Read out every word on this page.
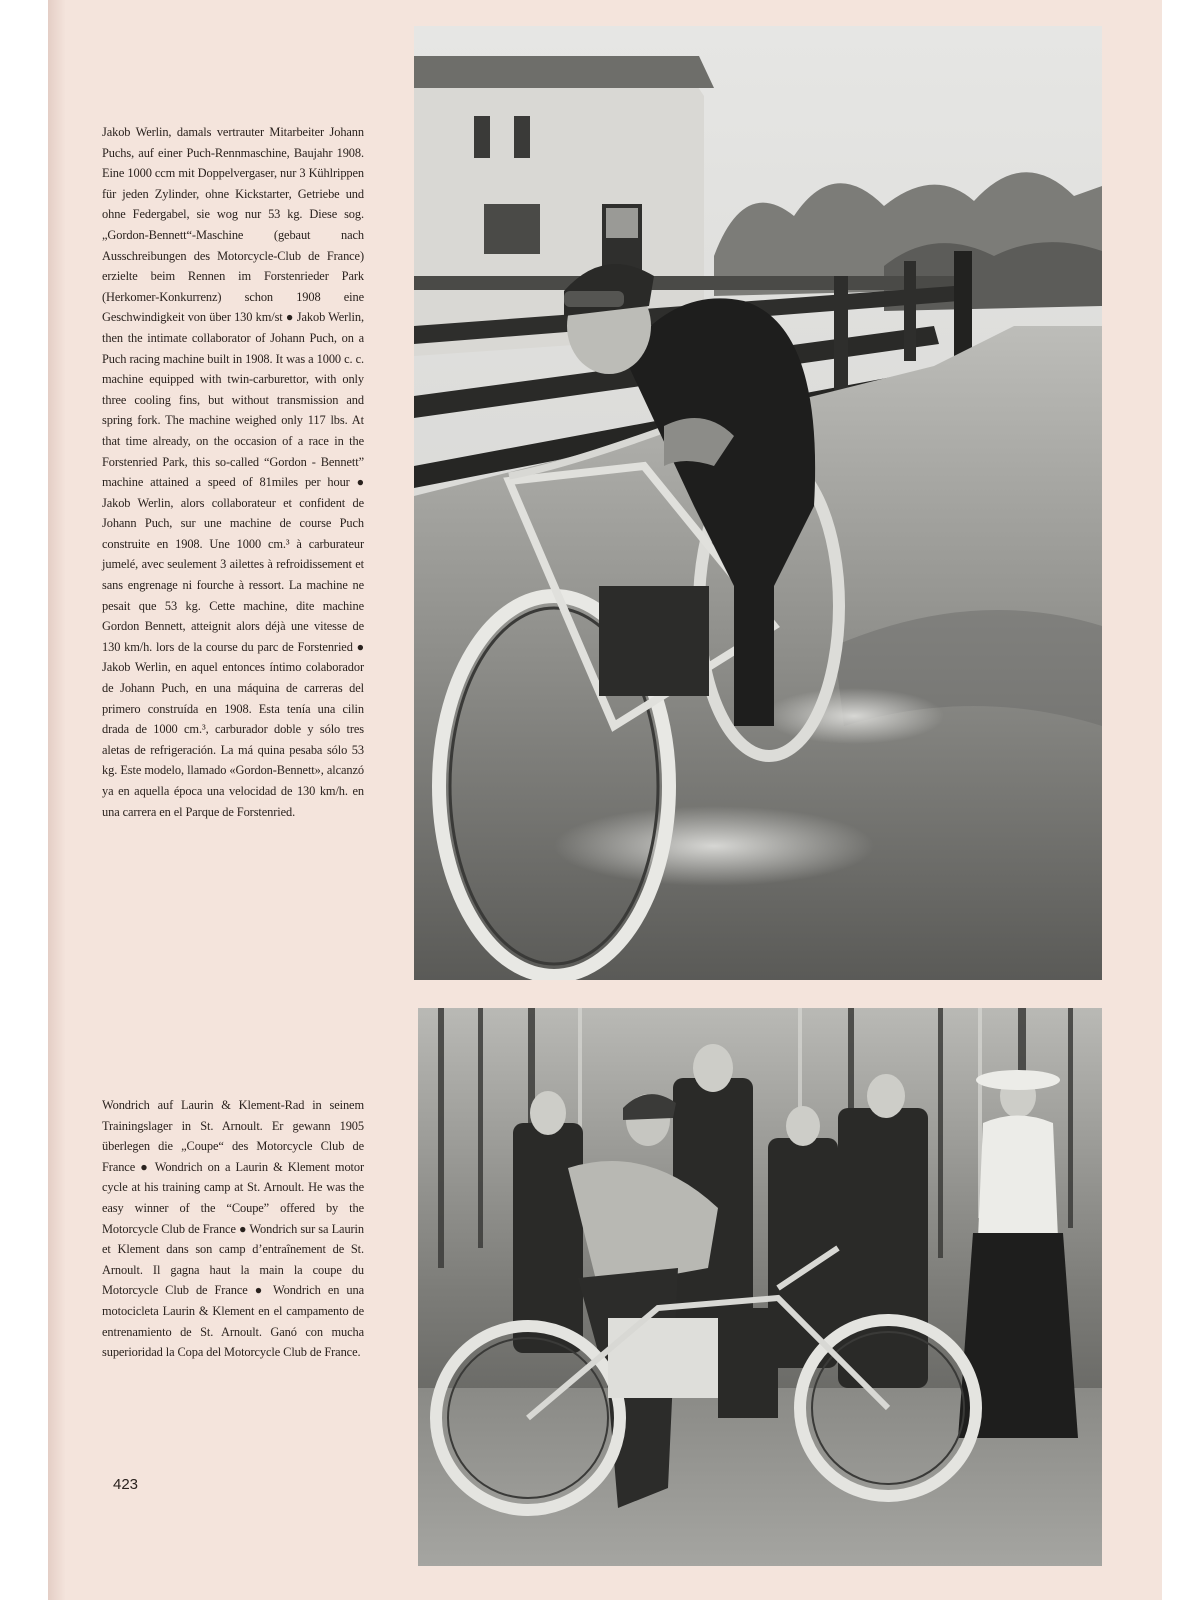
Jakob Werlin, damals vertrauter Mitarbeiter Johann Puchs, auf einer Puch-Rennmaschine, Baujahr 1908. Eine 1000 ccm mit Doppelvergaser, nur 3 Kühlrippen für jeden Zylinder, ohne Kickstarter, Getriebe und ohne Federgabel, sie wog nur 53 kg. Diese sog. „Gordon-Bennett“-Maschine (gebaut nach Ausschreibungen des Motorcycle-Club de France) erzielte beim Rennen im Forstenrieder Park (Herkomer-Konkurrenz) schon 1908 eine Geschwindigkeit von über 130 km/st ● Jakob Werlin, then the intimate collaborator of Johann Puch, on a Puch racing machine built in 1908. It was a 1000 c. c. machine equipped with twin-carburettor, with only three cooling fins, but without transmission and spring fork. The machine weighed only 117 lbs. At that time already, on the occasion of a race in the Forstenried Park, this so-called “Gordon - Bennett” machine attained a speed of 81miles per hour ● Jakob Werlin, alors collaborateur et confident de Johann Puch, sur une machine de course Puch construite en 1908. Une 1000 cm.³ à carburateur jumelé, avec seulement 3 ailettes à refroidissement et sans engrenage ni fourche à ressort. La machine ne pesait que 53 kg. Cette machine, dite machine Gordon Bennett, atteignit alors déjà une vitesse de 130 km/h. lors de la course du parc de Forstenried ● Jakob Werlin, en aquel entonces íntimo colaborador de Johann Puch, en una máquina de carreras del primero construída en 1908. Esta tenía una cilin drada de 1000 cm.³, carburador doble y sólo tres aletas de refrigeración. La má quina pesaba sólo 53 kg. Este modelo, llamado «Gordon-Bennett», alcanzó ya en aquella época una velocidad de 130 km/h. en una carrera en el Parque de Forstenried.

Wondrich auf Laurin & Klement-Rad in seinem Trainingslager in St. Arnoult. Er gewann 1905 überlegen die „Coupe“ des Motorcycle Club de France ● Wondrich on a Laurin & Klement motor cycle at his training camp at St. Arnoult. He was the easy winner of the “Coupe” offered by the Motorcycle Club de France ● Wondrich sur sa Laurin et Klement dans son camp d’entraînement de St. Arnoult. Il gagna haut la main la coupe du Motorcycle Club de France ● Wondrich en una motocicleta Laurin & Klement en el campamento de entrenamiento de St. Arnoult. Ganó con mucha superioridad la Copa del Motorcycle Club de France.

423
